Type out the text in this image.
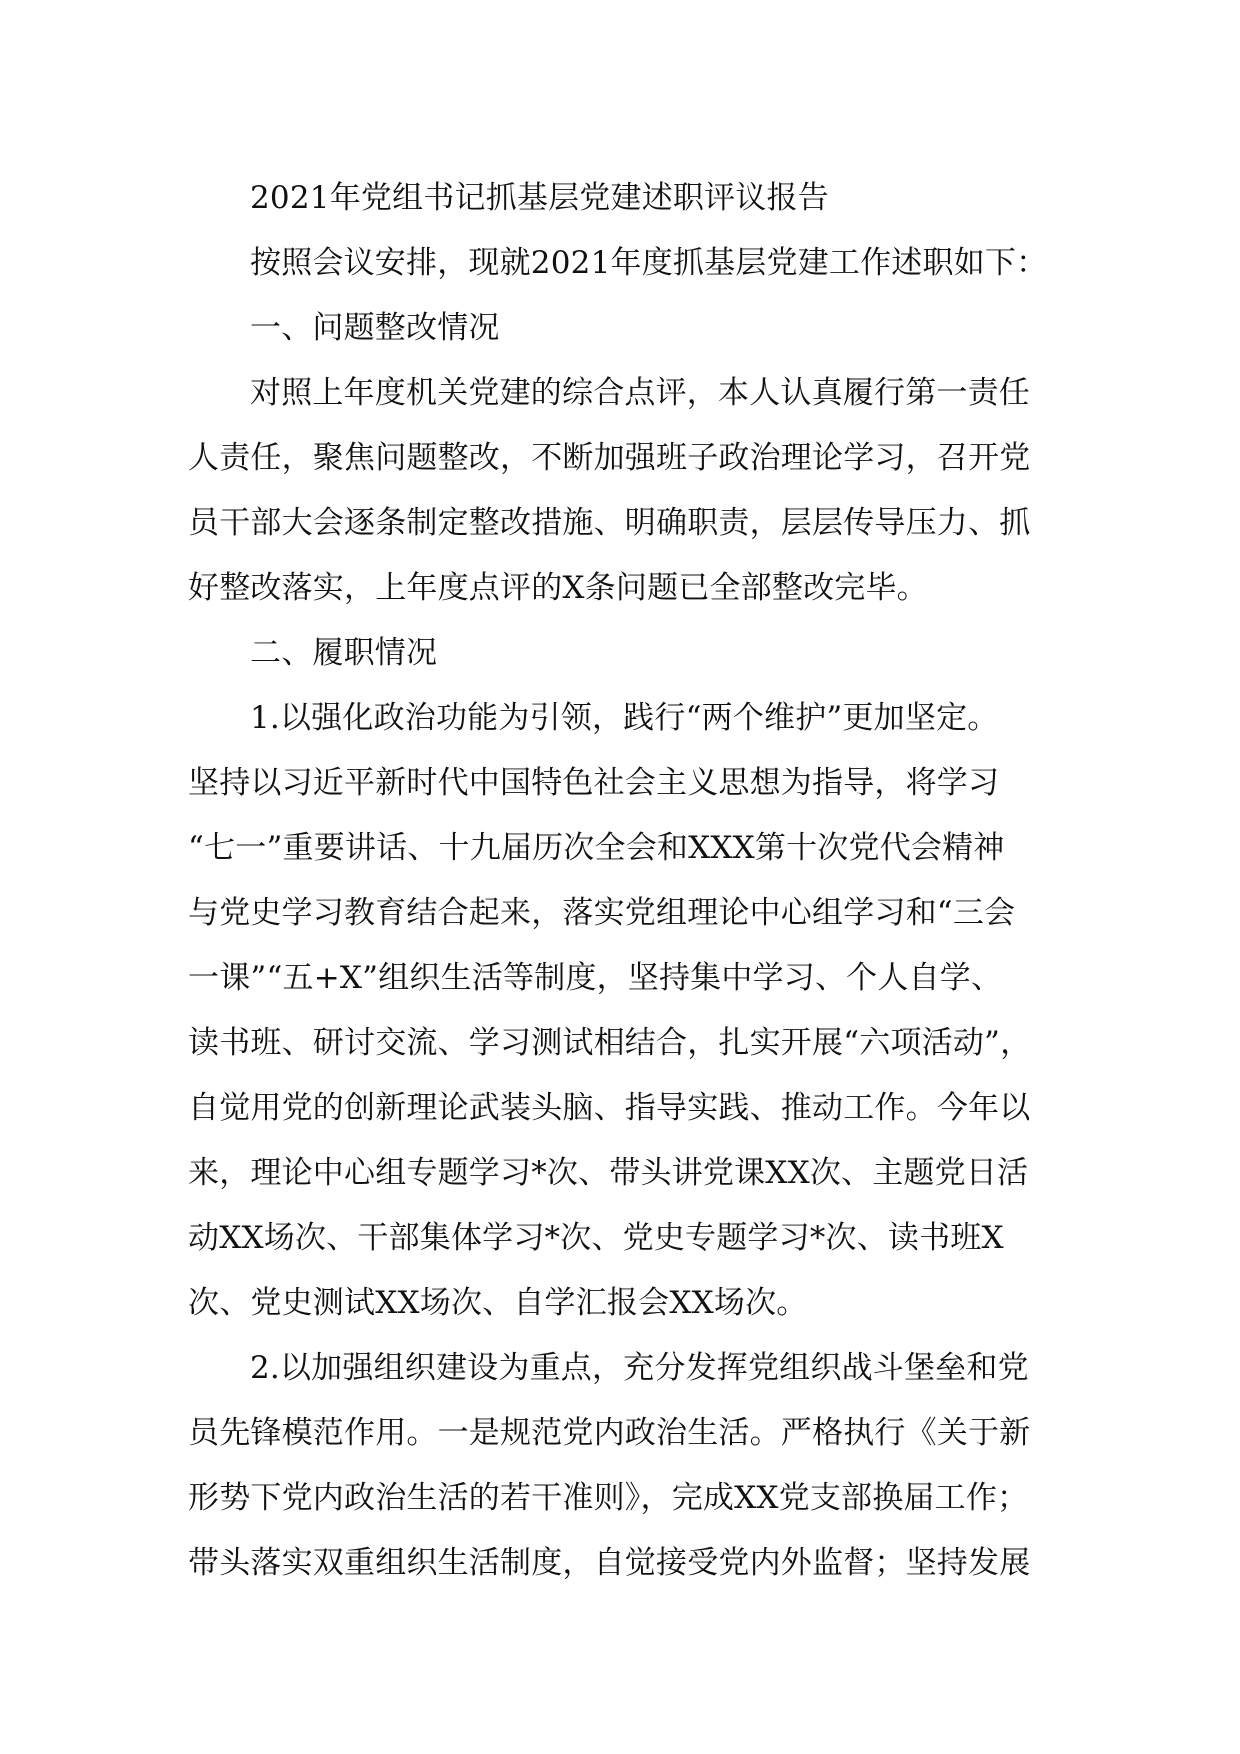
2021年党组书记抓基层党建述职评议报告
按照会议安排，现就2021年度抓基层党建工作述职如下：
一、问题整改情况
对照上年度机关党建的综合点评，本人认真履行第一责任
人责任，聚焦问题整改，不断加强班子政治理论学习，召开党
员干部大会逐条制定整改措施、明确职责，层层传导压力、抓
好整改落实，上年度点评的X条问题已全部整改完毕。
二、履职情况
1.以强化政治功能为引领，践行“两个维护”更加坚定。
坚持以习近平新时代中国特色社会主义思想为指导，将学习
“七一”重要讲话、十九届历次全会和XXX第十次党代会精神
与党史学习教育结合起来，落实党组理论中心组学习和“三会
一课”“五+X”组织生活等制度，坚持集中学习、个人自学、
读书班、研讨交流、学习测试相结合，扎实开展“六项活动”，
自觉用党的创新理论武装头脑、指导实践、推动工作。今年以
来，理论中心组专题学习*次、带头讲党课XX次、主题党日活
动XX场次、干部集体学习*次、党史专题学习*次、读书班X
次、党史测试XX场次、自学汇报会XX场次。
2.以加强组织建设为重点，充分发挥党组织战斗堡垒和党
员先锋模范作用。一是规范党内政治生活。严格执行《关于新
形势下党内政治生活的若干准则》，完成XX党支部换届工作；
带头落实双重组织生活制度，自觉接受党内外监督；坚持发展
